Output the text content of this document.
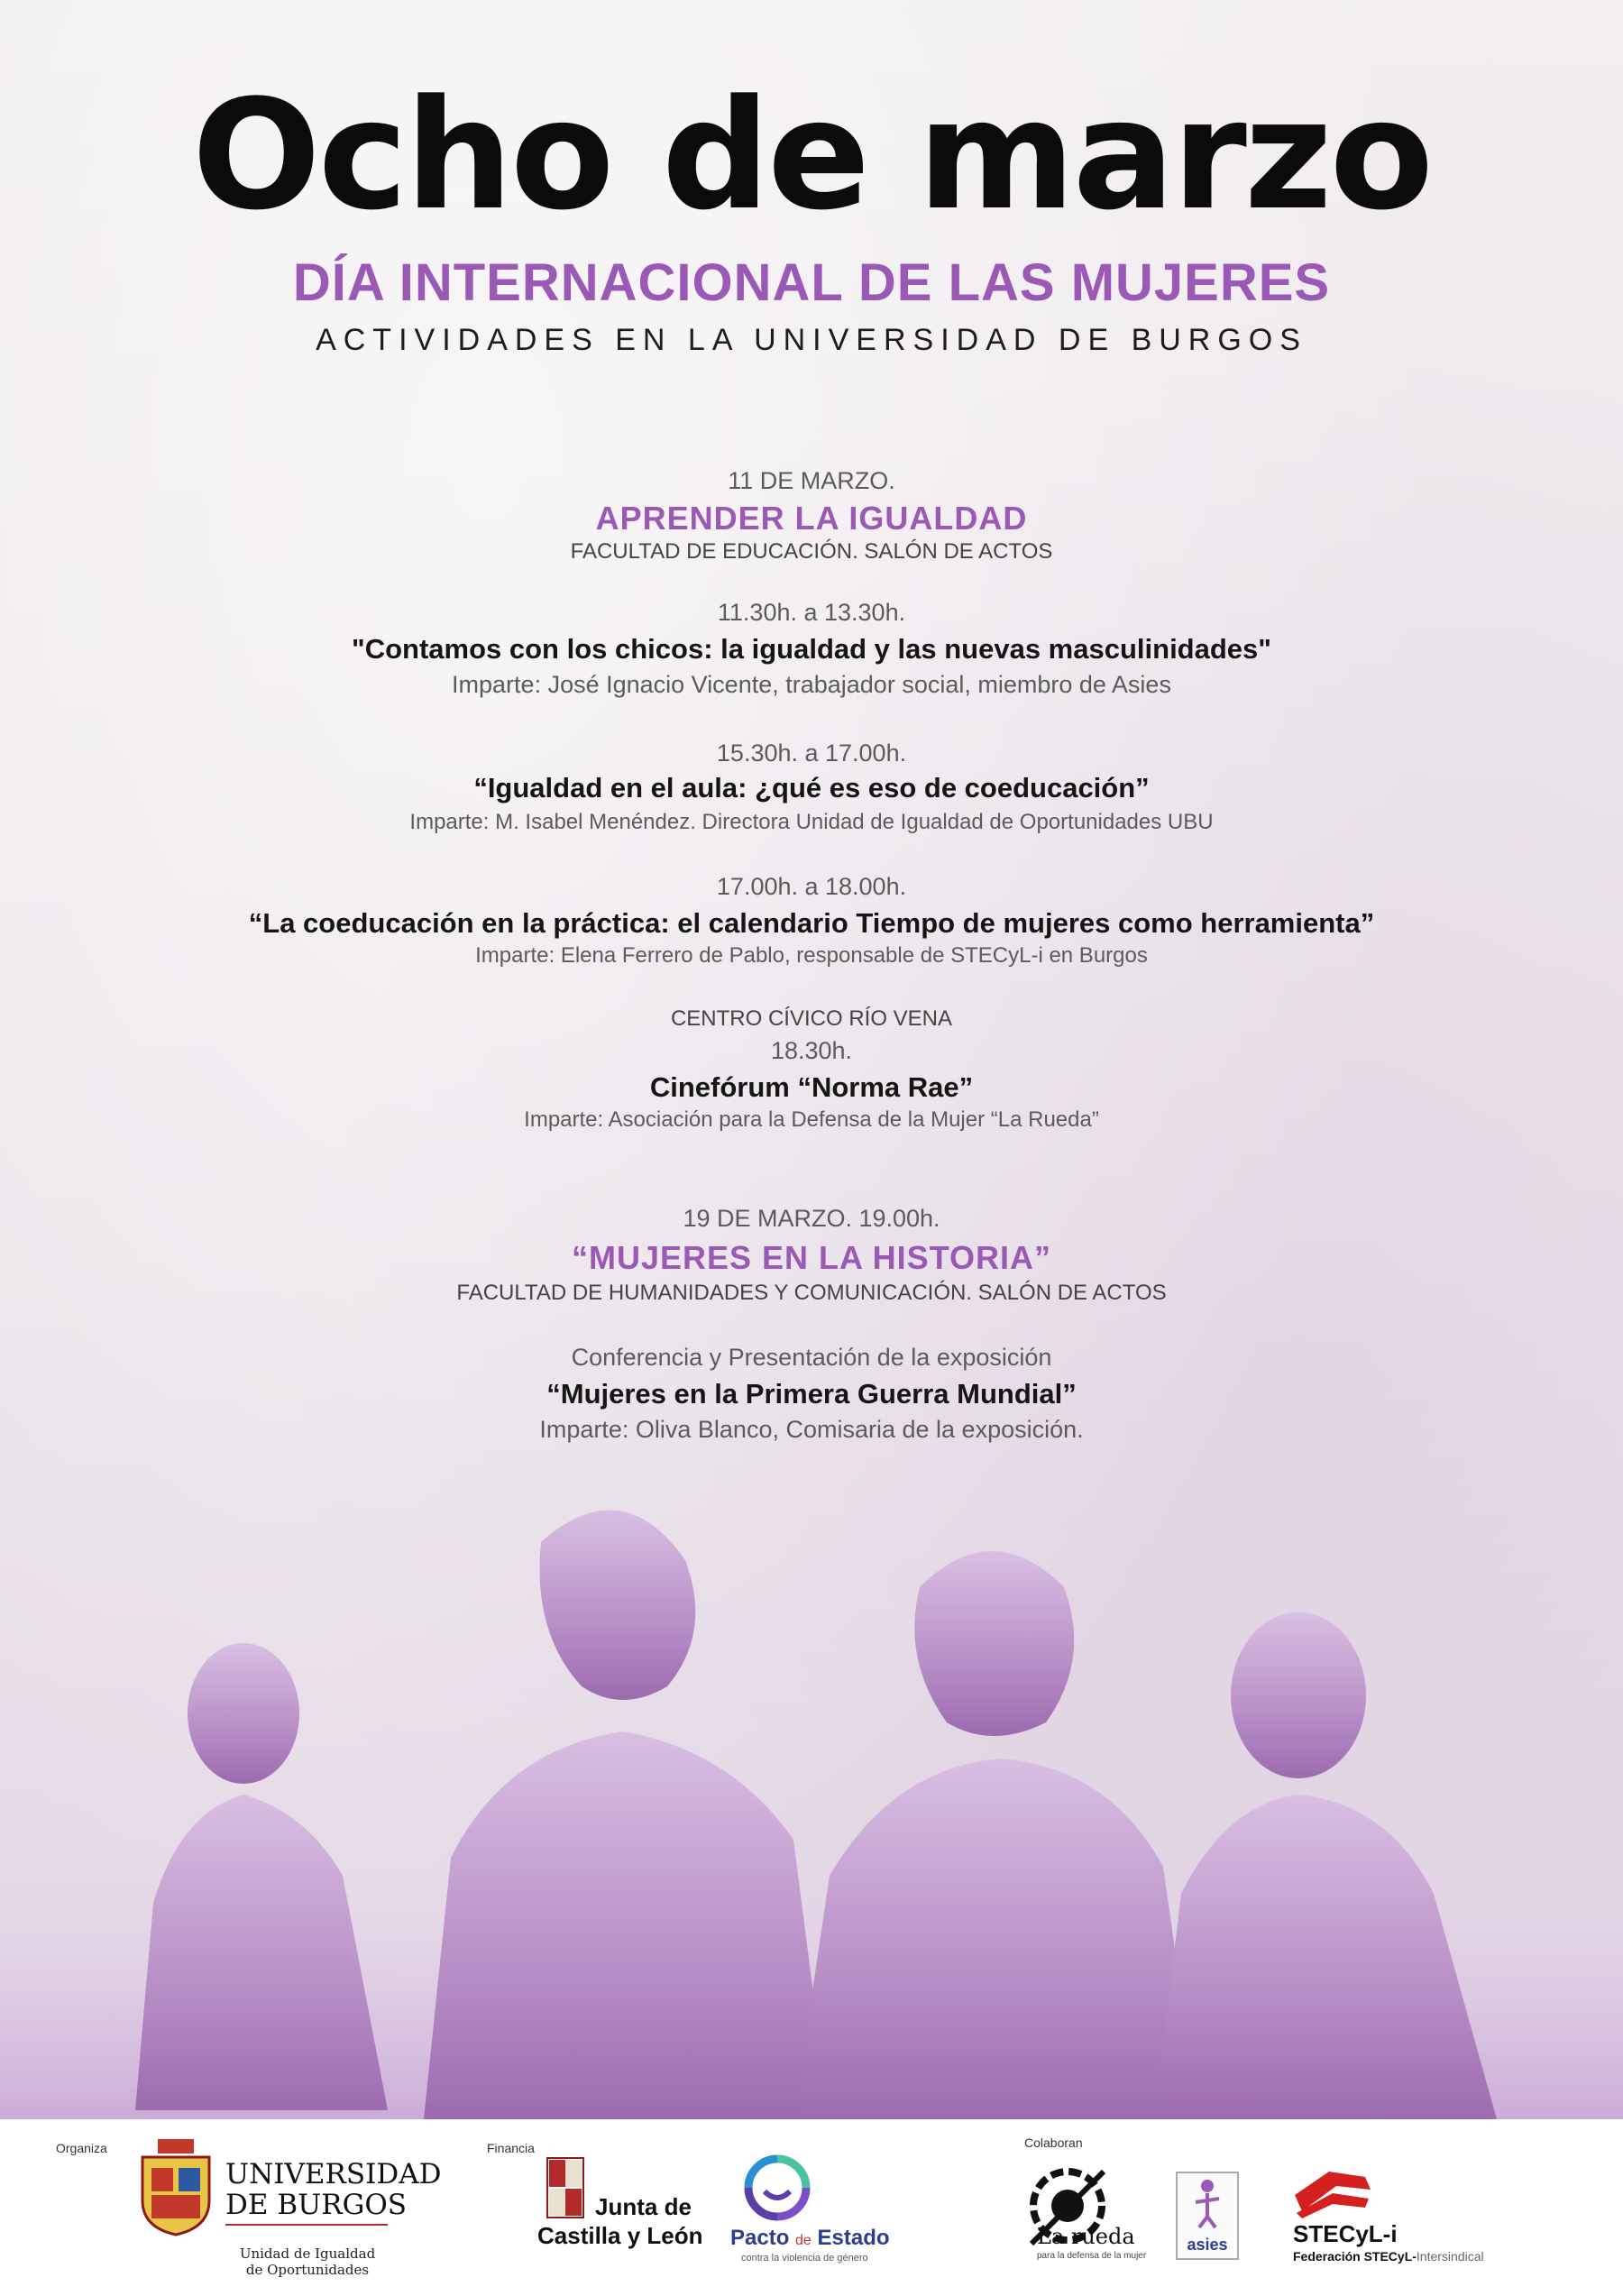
Ocho de marzo
DÍA INTERNACIONAL DE LAS MUJERES
ACTIVIDADES EN LA UNIVERSIDAD DE BURGOS
11 DE MARZO.
APRENDER LA IGUALDAD
FACULTAD DE EDUCACIÓN. SALÓN DE ACTOS
11.30h. a 13.30h.
"Contamos con los chicos: la igualdad y las nuevas masculinidades"
Imparte: José Ignacio Vicente, trabajador social, miembro de Asies
15.30h. a 17.00h.
“Igualdad en el aula: ¿qué es eso de coeducación”
Imparte: M. Isabel Menéndez. Directora Unidad de Igualdad de Oportunidades UBU
17.00h. a 18.00h.
“La coeducación en la práctica: el calendario Tiempo de mujeres como herramienta”
Imparte: Elena Ferrero de Pablo, responsable de STECyL-i en Burgos
CENTRO CÍVICO RÍO VENA
18.30h.
Cinefórum “Norma Rae”
Imparte: Asociación para la Defensa de la Mujer “La Rueda”
19 DE MARZO. 19.00h.
“MUJERES EN LA HISTORIA”
FACULTAD DE HUMANIDADES Y COMUNICACIÓN. SALÓN DE ACTOS
Conferencia y Presentación de la exposición
“Mujeres en la Primera Guerra Mundial”
Imparte: Oliva Blanco, Comisaria de la exposición.
Organiza	Financia	Colaboran
UNIVERSIDAD
DE BURGOS
Unidad de Igualdad
de Oportunidades
Junta de
Castilla y León Pacto de Estado
contra la violencia de género
La rueda
para la defensa de la mujer
asies	STECyL-i
Federación STECyL-Intersindical
